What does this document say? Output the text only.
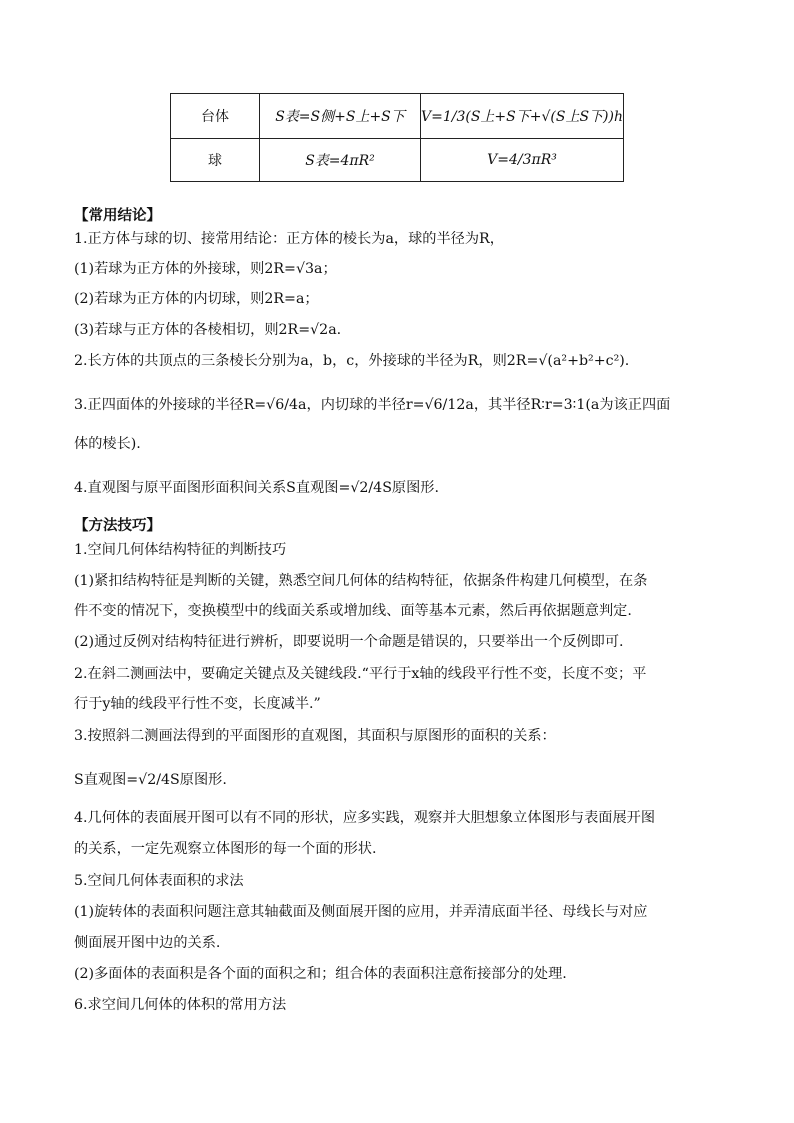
台体	S表=S侧+S上+S下	V=1/3(S上+S下+√(S上S下))h
球	S表=4πR²	V=4/3πR³
【常用结论】
1.正方体与球的切、接常用结论：正方体的棱长为a，球的半径为R，
(1)若球为正方体的外接球，则2R=√3a；
(2)若球为正方体的内切球，则2R=a；
(3)若球与正方体的各棱相切，则2R=√2a.
2.长方体的共顶点的三条棱长分别为a，b，c，外接球的半径为R，则2R=√(a²+b²+c²).
3.正四面体的外接球的半径R=√6/4a，内切球的半径r=√6/12a，其半径R∶r=3∶1(a为该正四面
体的棱长).
4.直观图与原平面图形面积间关系S直观图=√2/4S原图形.
【方法技巧】
1.空间几何体结构特征的判断技巧
(1)紧扣结构特征是判断的关键，熟悉空间几何体的结构特征，依据条件构建几何模型，在条
件不变的情况下，变换模型中的线面关系或增加线、面等基本元素，然后再依据题意判定.
(2)通过反例对结构特征进行辨析，即要说明一个命题是错误的，只要举出一个反例即可.
2.在斜二测画法中，要确定关键点及关键线段.“平行于x轴的线段平行性不变，长度不变；平
行于y轴的线段平行性不变，长度减半.”
3.按照斜二测画法得到的平面图形的直观图，其面积与原图形的面积的关系：
S直观图=√2/4S原图形.
4.几何体的表面展开图可以有不同的形状，应多实践，观察并大胆想象立体图形与表面展开图
的关系，一定先观察立体图形的每一个面的形状.
5.空间几何体表面积的求法
(1)旋转体的表面积问题注意其轴截面及侧面展开图的应用，并弄清底面半径、母线长与对应
侧面展开图中边的关系.
(2)多面体的表面积是各个面的面积之和；组合体的表面积注意衔接部分的处理.
6.求空间几何体的体积的常用方法
